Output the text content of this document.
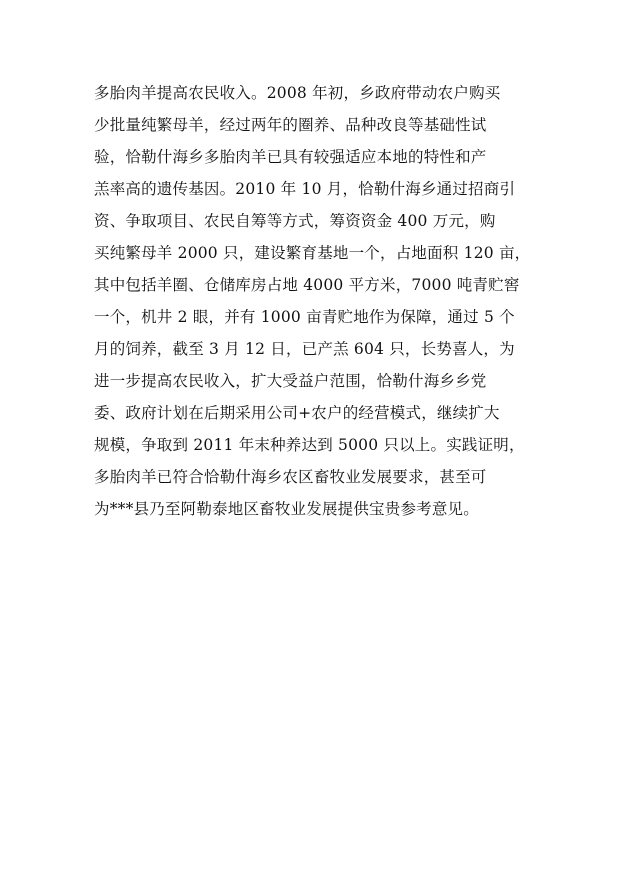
多胎肉羊提高农民收入。2008 年初，乡政府带动农户购买
少批量纯繁母羊，经过两年的圈养、品种改良等基础性试
验，恰勒什海乡多胎肉羊已具有较强适应本地的特性和产
羔率高的遗传基因。2010 年 10 月，恰勒什海乡通过招商引
资、争取项目、农民自筹等方式，筹资资金 400 万元，购
买纯繁母羊 2000 只，建设繁育基地一个，占地面积 120 亩，
其中包括羊圈、仓储库房占地 4000 平方米，7000 吨青贮窖
一个，机井 2 眼，并有 1000 亩青贮地作为保障，通过 5 个
月的饲养，截至 3 月 12 日，已产羔 604 只，长势喜人，为
进一步提高农民收入，扩大受益户范围，恰勒什海乡乡党
委、政府计划在后期采用公司+农户的经营模式，继续扩大
规模，争取到 2011 年末种养达到 5000 只以上。实践证明，
多胎肉羊已符合恰勒什海乡农区畜牧业发展要求，甚至可
为***县乃至阿勒泰地区畜牧业发展提供宝贵参考意见。
